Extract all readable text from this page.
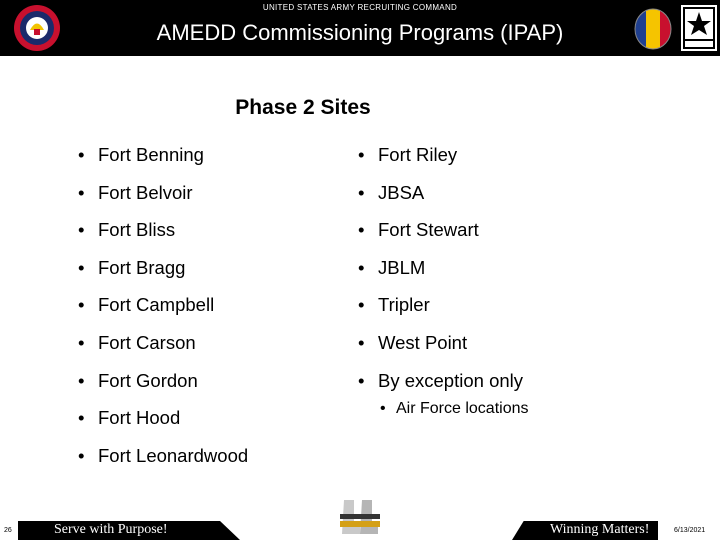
UNITED STATES ARMY RECRUITING COMMAND
AMEDD Commissioning Programs (IPAP)
Phase 2 Sites
• Fort Benning
• Fort Belvoir
• Fort Bliss
• Fort Bragg
• Fort Campbell
• Fort Carson
• Fort Gordon
• Fort Hood
• Fort Leonardwood
• Fort Riley
• JBSA
• Fort Stewart
• JBLM
• Tripler
• West Point
• By exception only
• Air Force locations
26	Serve with Purpose!	Winning Matters!	6/13/2021
